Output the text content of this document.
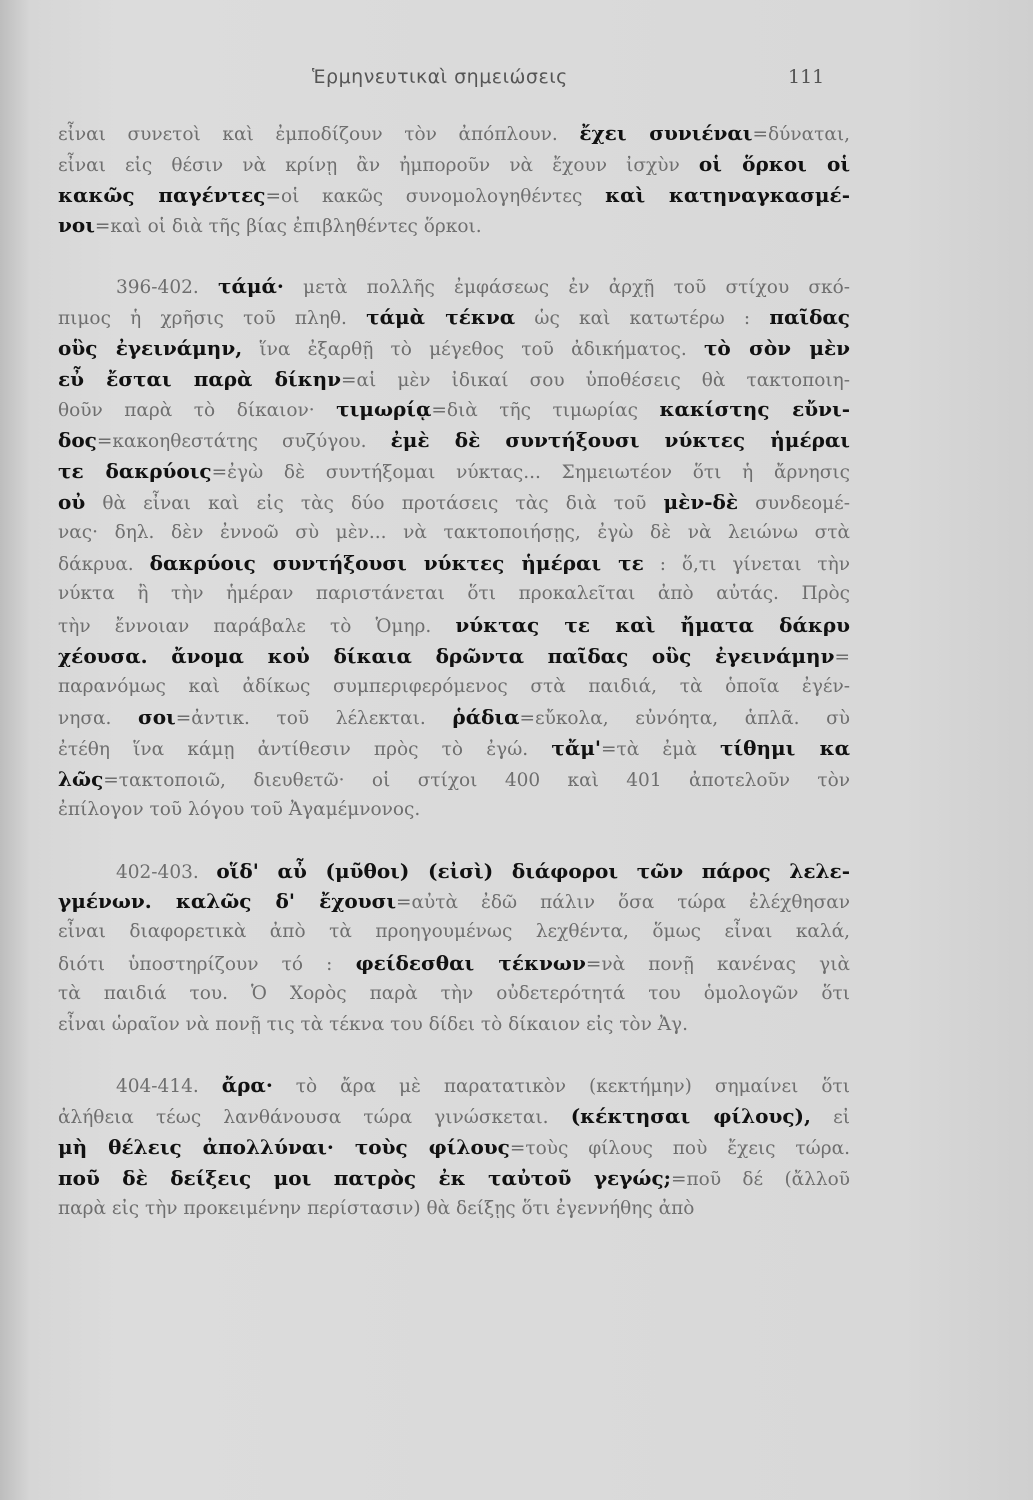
Ἑρμηνευτικαὶ σημειώσεις	111
εἶναι συνετοὶ καὶ ἐμποδίζουν τὸν ἀπόπλουν. ἔχει συνιέναι=δύναται,
εἶναι εἰς θέσιν νὰ κρίνῃ ἂν ἠμποροῦν νὰ ἔχουν ἰσχὺν οἱ ὅρκοι οἱ
κακῶς παγέντες=οἱ κακῶς συνομολογηθέντες καὶ κατηναγκασμέ-
νοι=καὶ οἱ διὰ τῆς βίας ἐπιβληθέντες ὅρκοι.
396-402. τάμά· μετὰ πολλῆς ἐμφάσεως ἐν ἀρχῇ τοῦ στίχου σκό-
πιμος ἡ χρῆσις τοῦ πληθ. τάμὰ τέκνα ὡς καὶ κατωτέρω : παῖδας
οὓς ἐγεινάμην, ἵνα ἐξαρθῇ τὸ μέγεθος τοῦ ἀδικήματος. τὸ σὸν μὲν
εὖ ἔσται παρὰ δίκην=αἱ μὲν ἰδικαί σου ὑποθέσεις θὰ τακτοποιη-
θοῦν παρὰ τὸ δίκαιον· τιμωρίᾳ=διὰ τῆς τιμωρίας κακίστης εὔνι-
δος=κακοηθεστάτης συζύγου. ἐμὲ δὲ συντήξουσι νύκτες ἡμέραι
τε δακρύοις=ἐγὼ δὲ συντήξομαι νύκτας... Σημειωτέον ὅτι ἡ ἄρνησις
οὐ θὰ εἶναι καὶ εἰς τὰς δύο προτάσεις τὰς διὰ τοῦ μὲν-δὲ συνδεομέ-
νας· δηλ. δὲν ἐννοῶ σὺ μὲν... νὰ τακτοποιήσῃς, ἐγὼ δὲ νὰ λειώνω στὰ
δάκρυα. δακρύοις συντήξουσι νύκτες ἡμέραι τε : ὅ,τι γίνεται τὴν
νύκτα ἢ τὴν ἡμέραν παριστάνεται ὅτι προκαλεῖται ἀπὸ αὐτάς. Πρὸς
τὴν ἔννοιαν παράβαλε τὸ Ὁμηρ. νύκτας τε καὶ ἤματα δάκρυ
χέουσα. ἄνομα κοὐ δίκαια δρῶντα παῖδας οὓς ἐγεινάμην=
παρανόμως καὶ ἀδίκως συμπεριφερόμενος στὰ παιδιά, τὰ ὁποῖα ἐγέν-
νησα. σοι=ἀντικ. τοῦ λέλεκται. ῥάδια=εὔκολα, εὐνόητα, ἁπλᾶ. σὺ
ἐτέθη ἵνα κάμῃ ἀντίθεσιν πρὸς τὸ ἐγώ. τἄμ'=τὰ ἐμὰ τίθημι κα
λῶς=τακτοποιῶ, διευθετῶ· οἱ στίχοι 400 καὶ 401 ἀποτελοῦν τὸν
ἐπίλογον τοῦ λόγου τοῦ Ἀγαμέμνονος.
402-403. οἵδ' αὖ (μῦθοι) (εἰσὶ) διάφοροι τῶν πάρος λελε-
γμένων. καλῶς δ' ἔχουσι=αὐτὰ ἐδῶ πάλιν ὅσα τώρα ἐλέχθησαν
εἶναι διαφορετικὰ ἀπὸ τὰ προηγουμένως λεχθέντα, ὅμως εἶναι καλά,
διότι ὑποστηρίζουν τό : φείδεσθαι τέκνων=νὰ πονῇ κανένας γιὰ
τὰ παιδιά του. Ὁ Χορὸς παρὰ τὴν οὐδετερότητά του ὁμολογῶν ὅτι
εἶναι ὡραῖον νὰ πονῇ τις τὰ τέκνα του δίδει τὸ δίκαιον εἰς τὸν Ἀγ.
404-414. ἄρα· τὸ ἄρα μὲ παρατατικὸν (κεκτήμην) σημαίνει ὅτι
ἀλήθεια τέως λανθάνουσα τώρα γινώσκεται. (κέκτησαι φίλους), εἰ
μὴ θέλεις ἀπολλύναι· τοὺς φίλους=τοὺς φίλους ποὺ ἔχεις τώρα.
ποῦ δὲ δείξεις μοι πατρὸς ἐκ ταὐτοῦ γεγώς;=ποῦ δέ (ἄλλοῦ
παρὰ εἰς τὴν προκειμένην περίστασιν) θὰ δείξῃς ὅτι ἐγεννήθης ἀπὸ
